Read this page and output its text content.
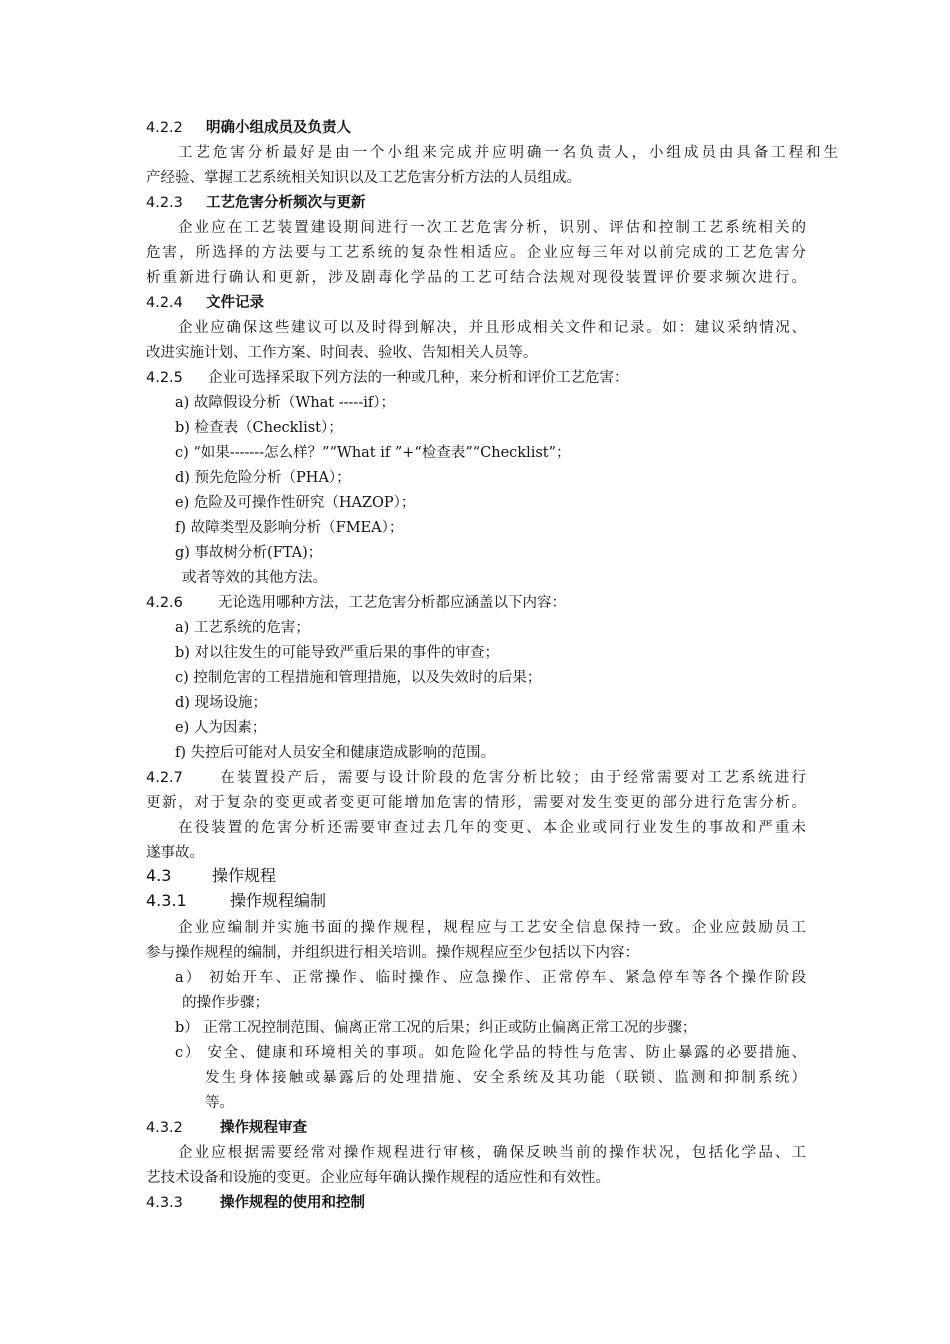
4.2.2 明确小组成员及负责人
工艺危害分析最好是由一个小组来完成并应明确一名负责人，小组成员由具备工程和生
产经验、掌握工艺系统相关知识以及工艺危害分析方法的人员组成。
4.2.3 工艺危害分析频次与更新
企业应在工艺装置建设期间进行一次工艺危害分析，识别、评估和控制工艺系统相关的
危害，所选择的方法要与工艺系统的复杂性相适应。企业应每三年对以前完成的工艺危害分
析重新进行确认和更新，涉及剧毒化学品的工艺可结合法规对现役装置评价要求频次进行。
4.2.4 文件记录
企业应确保这些建议可以及时得到解决，并且形成相关文件和记录。如：建议采纳情况、
改进实施计划、工作方案、时间表、验收、告知相关人员等。
4.2.5 企业可选择采取下列方法的一种或几种，来分析和评价工艺危害：
a) 故障假设分析（What -----if）；
b) 检查表（Checklist）；
c) “如果-------怎么样？”“What if ”+“检查表”“Checklist”；
d) 预先危险分析（PHA）；
e) 危险及可操作性研究（HAZOP）；
f) 故障类型及影响分析（FMEA）；
g) 事故树分析(FTA)；
或者等效的其他方法。
4.2.6 无论选用哪种方法，工艺危害分析都应涵盖以下内容：
a) 工艺系统的危害；
b) 对以往发生的可能导致严重后果的事件的审查；
c) 控制危害的工程措施和管理措施，以及失效时的后果；
d) 现场设施；
e) 人为因素；
f) 失控后可能对人员安全和健康造成影响的范围。
4.2.7 在装置投产后，需要与设计阶段的危害分析比较；由于经常需要对工艺系统进行
更新，对于复杂的变更或者变更可能增加危害的情形，需要对发生变更的部分进行危害分析。
在役装置的危害分析还需要审查过去几年的变更、本企业或同行业发生的事故和严重未
遂事故。
4.3	操作规程
4.3.1	操作规程编制
企业应编制并实施书面的操作规程，规程应与工艺安全信息保持一致。企业应鼓励员工
参与操作规程的编制，并组织进行相关培训。操作规程应至少包括以下内容：
a） 初始开车、正常操作、临时操作、应急操作、正常停车、紧急停车等各个操作阶段
的操作步骤；
b） 正常工况控制范围、偏离正常工况的后果；纠正或防止偏离正常工况的步骤；
c） 安全、健康和环境相关的事项。如危险化学品的特性与危害、防止暴露的必要措施、
发生身体接触或暴露后的处理措施、安全系统及其功能（联锁、监测和抑制系统）
等。
4.3.2	操作规程审查
企业应根据需要经常对操作规程进行审核，确保反映当前的操作状况，包括化学品、工
艺技术设备和设施的变更。企业应每年确认操作规程的适应性和有效性。
4.3.3	操作规程的使用和控制
